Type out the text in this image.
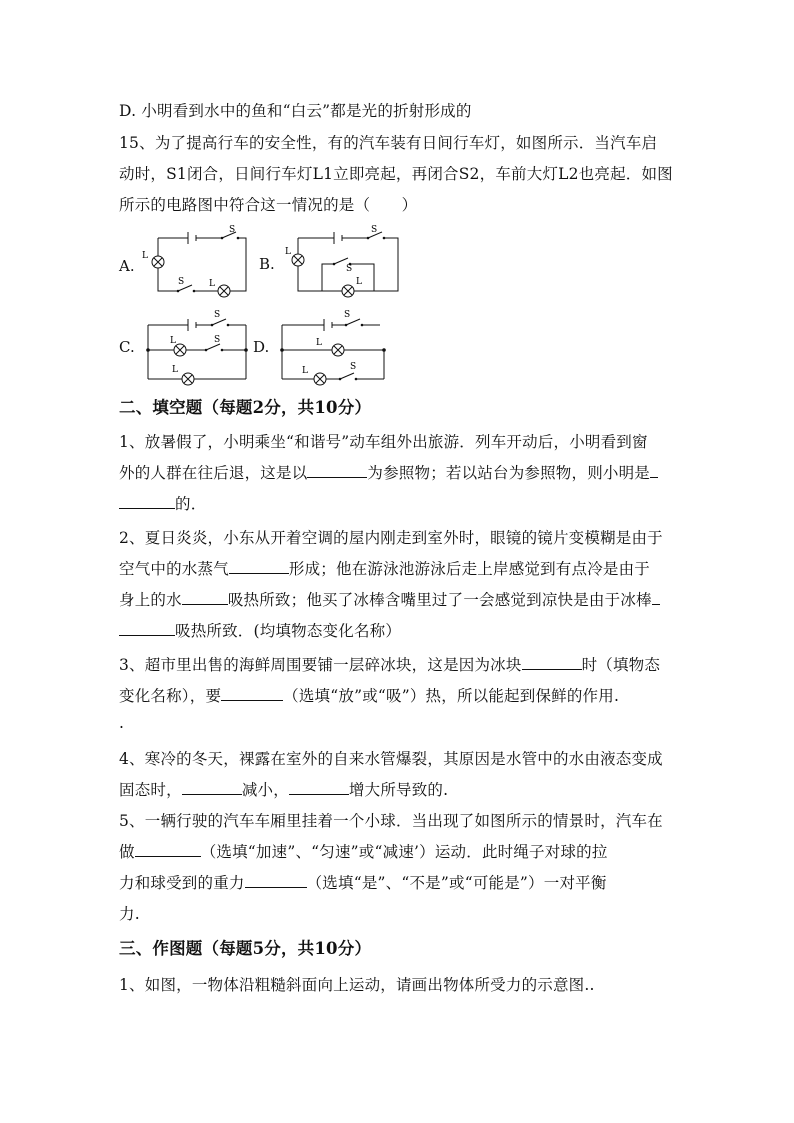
D. 小明看到水中的鱼和“白云”都是光的折射形成的
15、为了提高行车的安全性，有的汽车装有日间行车灯，如图所示．当汽车启
动时，S1闭合，日间行车灯L1立即亮起，再闭合S2，车前大灯L2也亮起．如图
所示的电路图中符合这一情况的是（　　）
A.
S
L
S	L
B.
S
L
S
L
C.
S
L	S
L
D.
S
L
S
L
二、填空题（每题2分，共10分）
1、放暑假了，小明乘坐“和谐号”动车组外出旅游．列车开动后，小明看到窗
外的人群在往后退，这是以	为参照物；若以站台为参照物，则小明是
的．
2、夏日炎炎，小东从开着空调的屋内刚走到室外时，眼镜的镜片变模糊是由于
空气中的水蒸气	形成；他在游泳池游泳后走上岸感觉到有点冷是由于
身上的水	吸热所致；他买了冰棒含嘴里过了一会感觉到凉快是由于冰棒
吸热所致．(均填物态变化名称）
3、超市里出售的海鲜周围要铺一层碎冰块，这是因为冰块	时（填物态
变化名称），要	（选填“放”或“吸”）热，所以能起到保鲜的作用.
.
4、寒冷的冬天，裸露在室外的自来水管爆裂，其原因是水管中的水由液态变成
固态时，	减小，	增大所导致的.
5、一辆行驶的汽车车厢里挂着一个小球．当出现了如图所示的情景时，汽车在
做	（选填“加速”、“匀速”或“减速’）运动．此时绳子对球的拉
力和球受到的重力	（选填“是”、“不是”或“可能是”）一对平衡
力.
三、作图题（每题5分，共10分）
1、如图，一物体沿粗糙斜面向上运动，请画出物体所受力的示意图..
